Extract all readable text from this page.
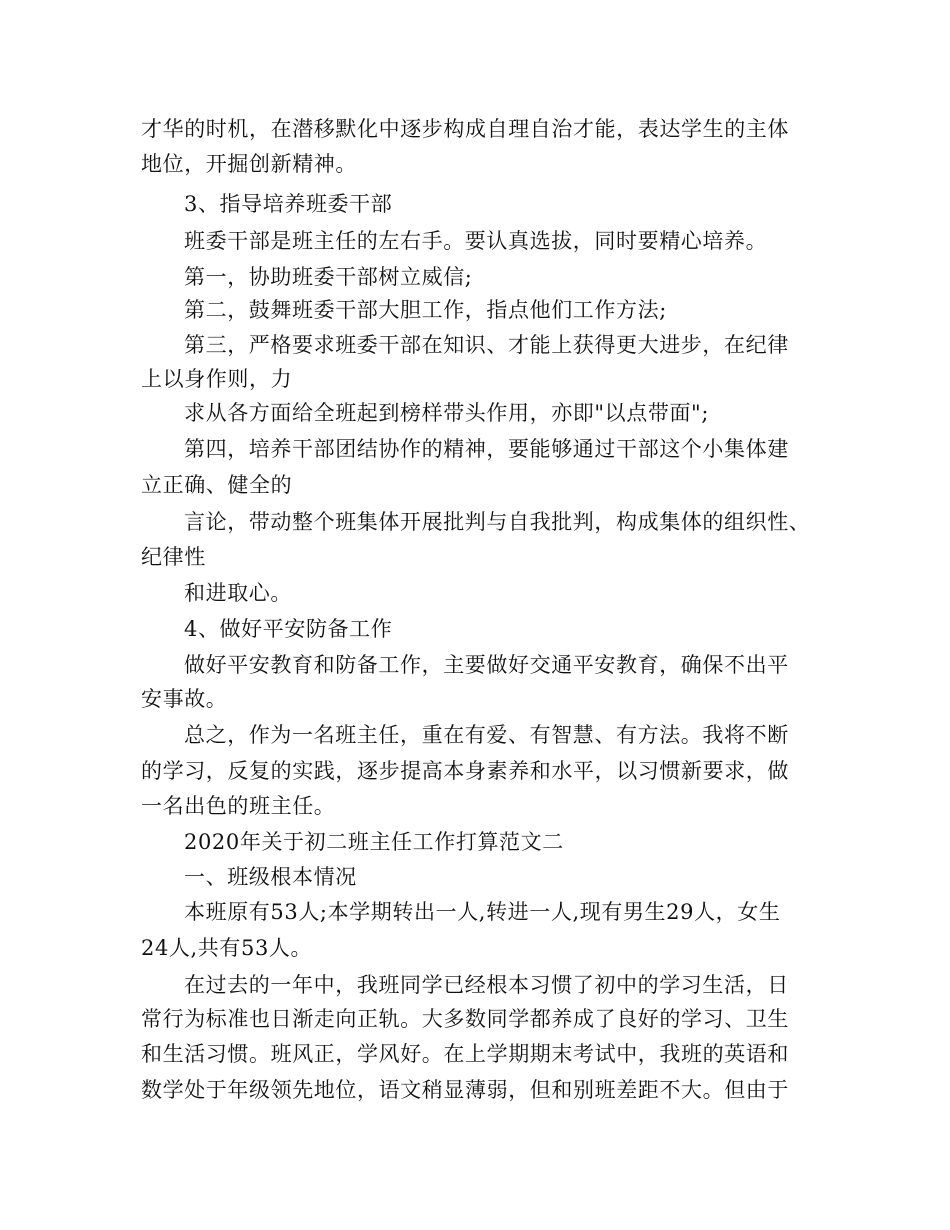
才华的时机，在潜移默化中逐步构成自理自治才能，表达学生的主体
地位，开掘创新精神。
3、指导培养班委干部
班委干部是班主任的左右手。要认真选拔，同时要精心培养。
第一，协助班委干部树立威信;
第二，鼓舞班委干部大胆工作，指点他们工作方法;
第三，严格要求班委干部在知识、才能上获得更大进步，在纪律
上以身作则，力
求从各方面给全班起到榜样带头作用，亦即"以点带面";
第四，培养干部团结协作的精神，要能够通过干部这个小集体建
立正确、健全的
言论，带动整个班集体开展批判与自我批判，构成集体的组织性、
纪律性
和进取心。
4、做好平安防备工作
做好平安教育和防备工作，主要做好交通平安教育，确保不出平
安事故。
总之，作为一名班主任，重在有爱、有智慧、有方法。我将不断
的学习，反复的实践，逐步提高本身素养和水平，以习惯新要求，做
一名出色的班主任。
2020年关于初二班主任工作打算范文二
一、班级根本情况
本班原有53人;本学期转出一人,转进一人,现有男生29人，女生
24人,共有53人。
在过去的一年中，我班同学已经根本习惯了初中的学习生活，日
常行为标准也日渐走向正轨。大多数同学都养成了良好的学习、卫生
和生活习惯。班风正，学风好。在上学期期末考试中，我班的英语和
数学处于年级领先地位，语文稍显薄弱，但和别班差距不大。但由于
